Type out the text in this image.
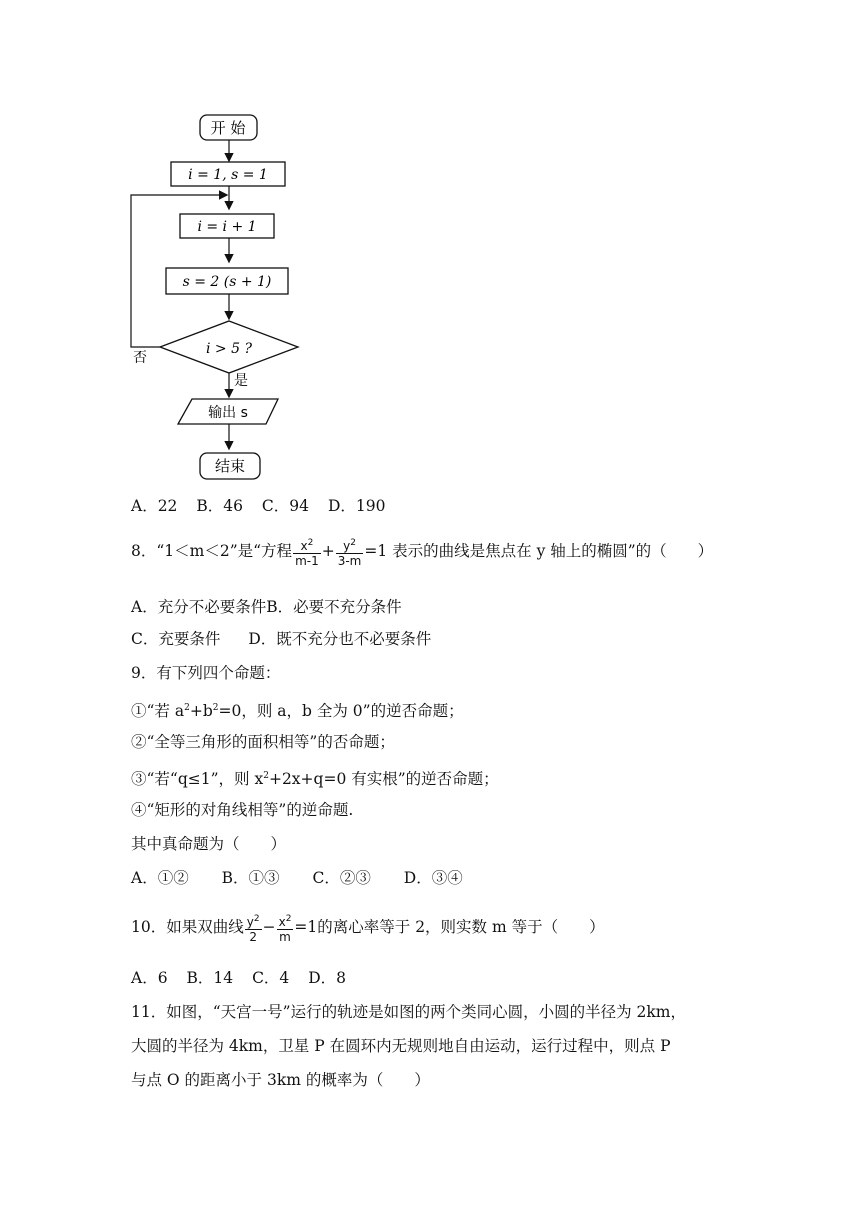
开 始
i = 1, s = 1
i = i + 1
s = 2 (s + 1)
i > 5 ?
否
是
输出 s
结束
A．22 B．46 C．94 D．190
8．“1＜m＜2”是“方程 $\frac{x^2}{m-1} + \frac{y^2}{3-m} =1$ 表示的曲线是焦点在 y 轴上的椭圆”的（　　）
A．充分不必要条件B．必要不充分条件
C．充要条件 D．既不充分也不必要条件
9．有下列四个命题：
①“若 $a^2+b^2=0$，则 a，b 全为 0”的逆否命题；
②“全等三角形的面积相等”的否命题；
③“若“q≤1”，则 $x^2+2x+q=0$ 有实根”的逆否命题；
④“矩形的对角线相等”的逆命题.
其中真命题为（　　）
A．①② B．①③ C．②③ D．③④
10．如果双曲线 $\frac{y^2}{2} - \frac{x^2}{m} =1$的离心率等于 2，则实数 m 等于（　　）
A．6 B．14 C．4 D．8
11．如图，“天宫一号”运行的轨迹是如图的两个类同心圆，小圆的半径为 2km，
大圆的半径为 4km，卫星 P 在圆环内无规则地自由运动，运行过程中，则点 P
与点 O 的距离小于 3km 的概率为（　　）
